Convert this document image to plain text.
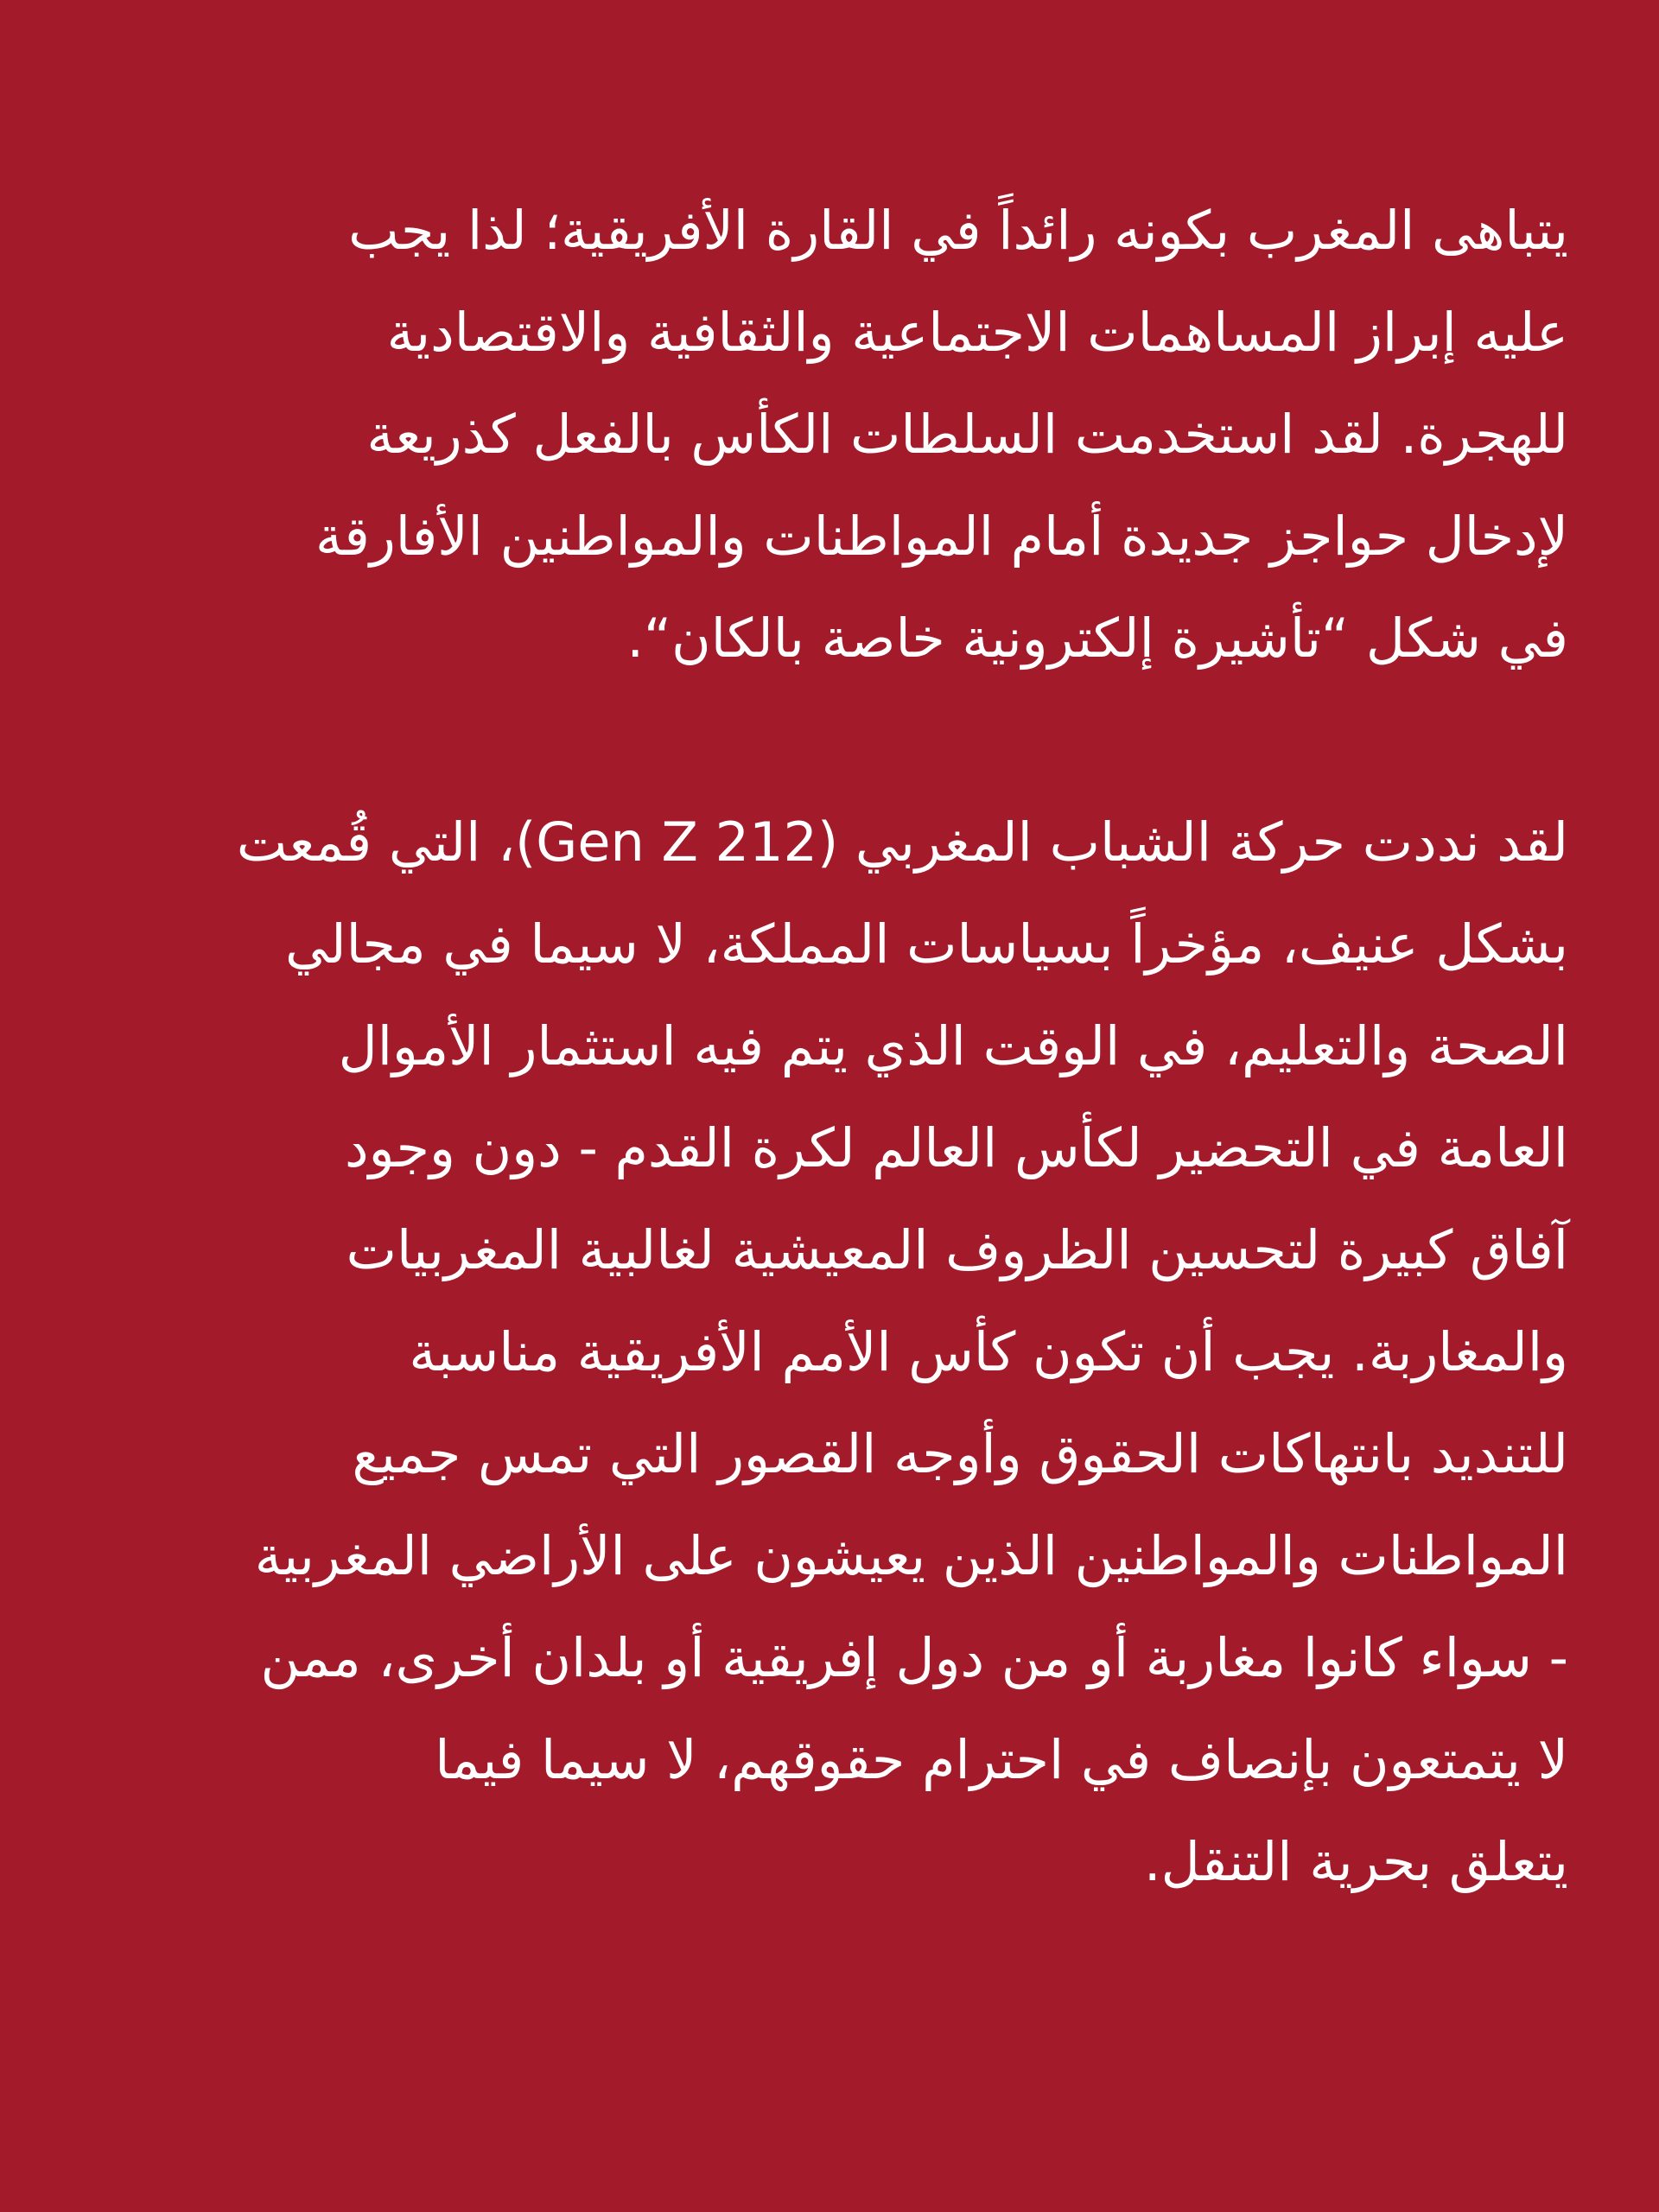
يتباهى المغرب بكونه رائداً في القارة الأفريقية؛ لذا يجب
عليه إبراز المساهمات الاجتماعية والثقافية والاقتصادية
للهجرة. لقد استخدمت السلطات الكأس بالفعل كذريعة
لإدخال حواجز جديدة أمام المواطنات والمواطنين الأفارقة
في شكل “تأشيرة إلكترونية خاصة بالكان“.

لقد نددت حركة الشباب المغربي (Gen Z 212)، التي قُمعت
بشكل عنيف، مؤخراً بسياسات المملكة، لا سيما في مجالي
الصحة والتعليم، في الوقت الذي يتم فيه استثمار الأموال
العامة في التحضير لكأس العالم لكرة القدم - دون وجود
آفاق كبيرة لتحسين الظروف المعيشية لغالبية المغربيات
والمغاربة. يجب أن تكون كأس الأمم الأفريقية مناسبة
للتنديد بانتهاكات الحقوق وأوجه القصور التي تمس جميع
المواطنات والمواطنين الذين يعيشون على الأراضي المغربية
- سواء كانوا مغاربة أو من دول إفريقية أو بلدان أخرى، ممن
لا يتمتعون بإنصاف في احترام حقوقهم، لا سيما فيما
يتعلق بحرية التنقل.
